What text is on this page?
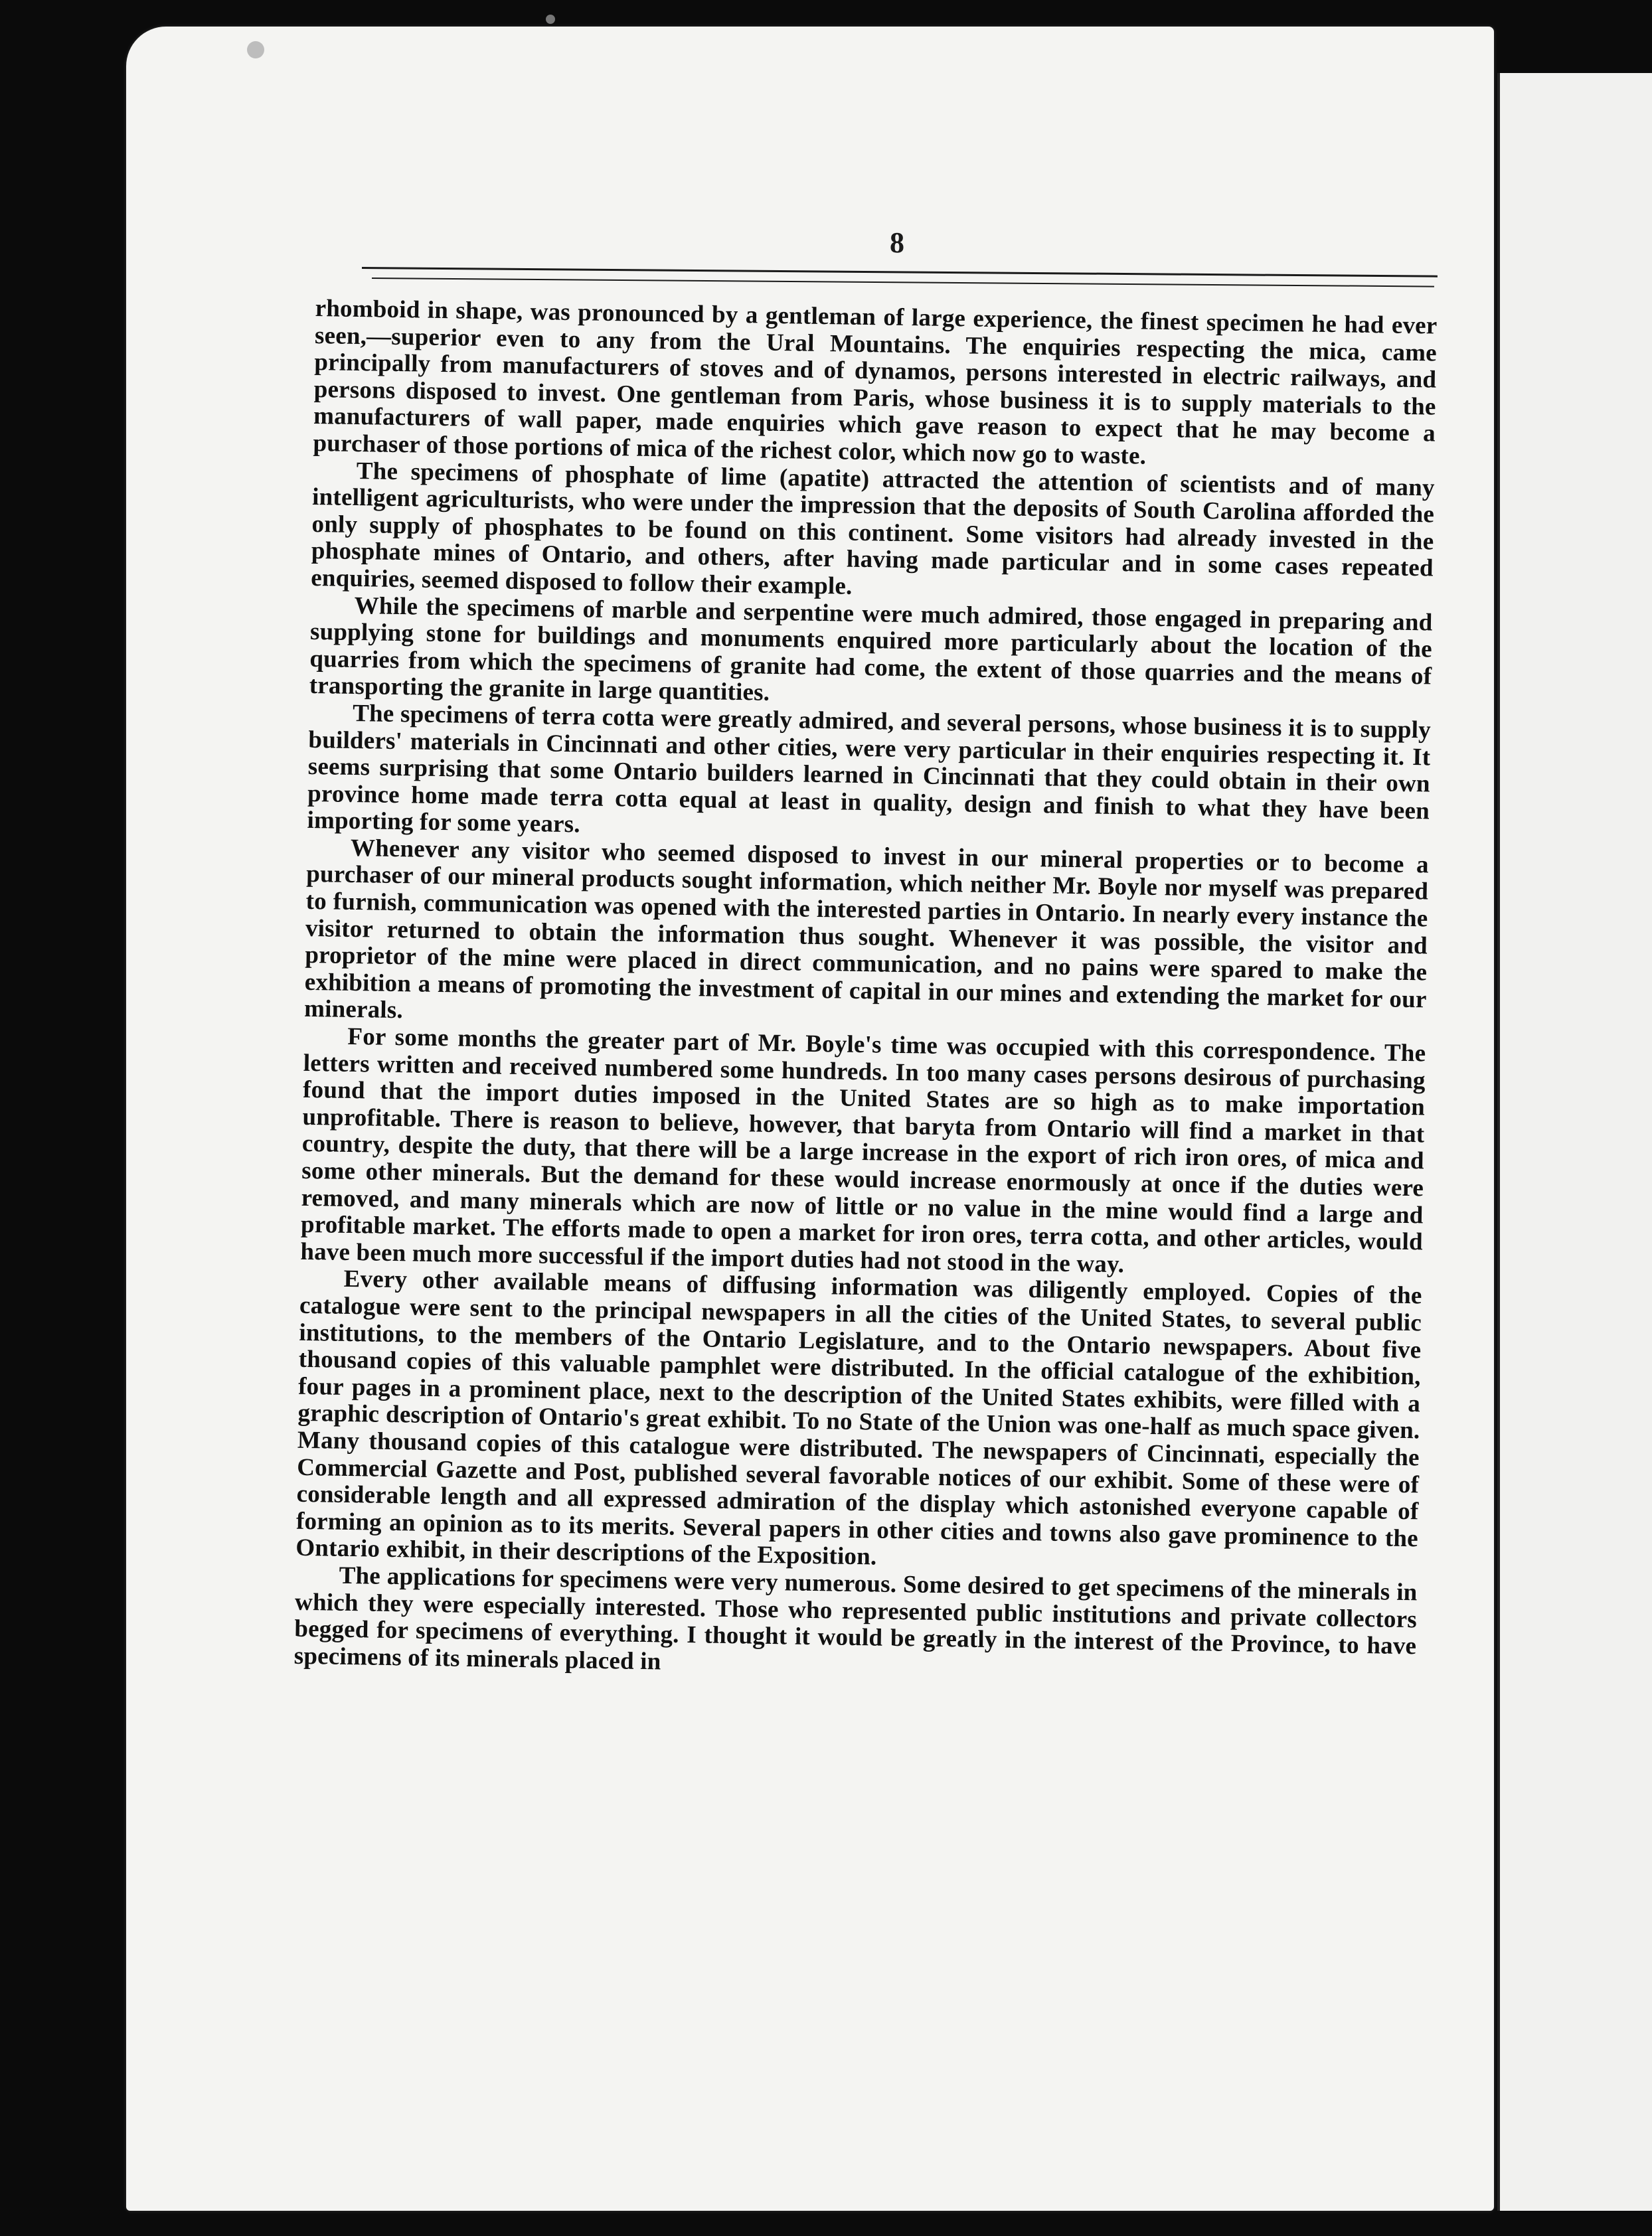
8

rhomboid in shape, was pronounced by a gentleman of large experience, the finest specimen he had ever seen,—superior even to any from the Ural Mountains. The enquiries respecting the mica, came principally from manufacturers of stoves and of dynamos, persons interested in electric railways, and persons disposed to invest. One gentleman from Paris, whose business it is to supply materials to the manufacturers of wall paper, made enquiries which gave reason to expect that he may become a purchaser of those portions of mica of the richest color, which now go to waste.

The specimens of phosphate of lime (apatite) attracted the attention of scientists and of many intelligent agriculturists, who were under the impression that the deposits of South Carolina afforded the only supply of phosphates to be found on this continent. Some visitors had already invested in the phosphate mines of Ontario, and others, after having made particular and in some cases repeated enquiries, seemed disposed to follow their example.

While the specimens of marble and serpentine were much admired, those engaged in preparing and supplying stone for buildings and monuments enquired more particularly about the location of the quarries from which the specimens of granite had come, the extent of those quarries and the means of transporting the granite in large quantities.

The specimens of terra cotta were greatly admired, and several persons, whose business it is to supply builders' materials in Cincinnati and other cities, were very particular in their enquiries respecting it. It seems surprising that some Ontario builders learned in Cincinnati that they could obtain in their own province home made terra cotta equal at least in quality, design and finish to what they have been importing for some years.

Whenever any visitor who seemed disposed to invest in our mineral properties or to become a purchaser of our mineral products sought information, which neither Mr. Boyle nor myself was prepared to furnish, communication was opened with the interested parties in Ontario. In nearly every instance the visitor returned to obtain the information thus sought. Whenever it was possible, the visitor and proprietor of the mine were placed in direct communication, and no pains were spared to make the exhibition a means of promoting the investment of capital in our mines and extending the market for our minerals.

For some months the greater part of Mr. Boyle's time was occupied with this correspondence. The letters written and received numbered some hundreds. In too many cases persons desirous of purchasing found that the import duties imposed in the United States are so high as to make importation unprofitable. There is reason to believe, however, that baryta from Ontario will find a market in that country, despite the duty, that there will be a large increase in the export of rich iron ores, of mica and some other minerals. But the demand for these would increase enormously at once if the duties were removed, and many minerals which are now of little or no value in the mine would find a large and profitable market. The efforts made to open a market for iron ores, terra cotta, and other articles, would have been much more successful if the import duties had not stood in the way.

Every other available means of diffusing information was diligently employed. Copies of the catalogue were sent to the principal newspapers in all the cities of the United States, to several public institutions, to the members of the Ontario Legislature, and to the Ontario newspapers. About five thousand copies of this valuable pamphlet were distributed. In the official catalogue of the exhibition, four pages in a prominent place, next to the description of the United States exhibits, were filled with a graphic description of Ontario's great exhibit. To no State of the Union was one-half as much space given. Many thousand copies of this catalogue were distributed. The newspapers of Cincinnati, especially the Commercial Gazette and Post, published several favorable notices of our exhibit. Some of these were of considerable length and all expressed admiration of the display which astonished everyone capable of forming an opinion as to its merits. Several papers in other cities and towns also gave prominence to the Ontario exhibit, in their descriptions of the Exposition.

The applications for specimens were very numerous. Some desired to get specimens of the minerals in which they were especially interested. Those who represented public institutions and private collectors begged for specimens of everything. I thought it would be greatly in the interest of the Province, to have specimens of its minerals placed in
